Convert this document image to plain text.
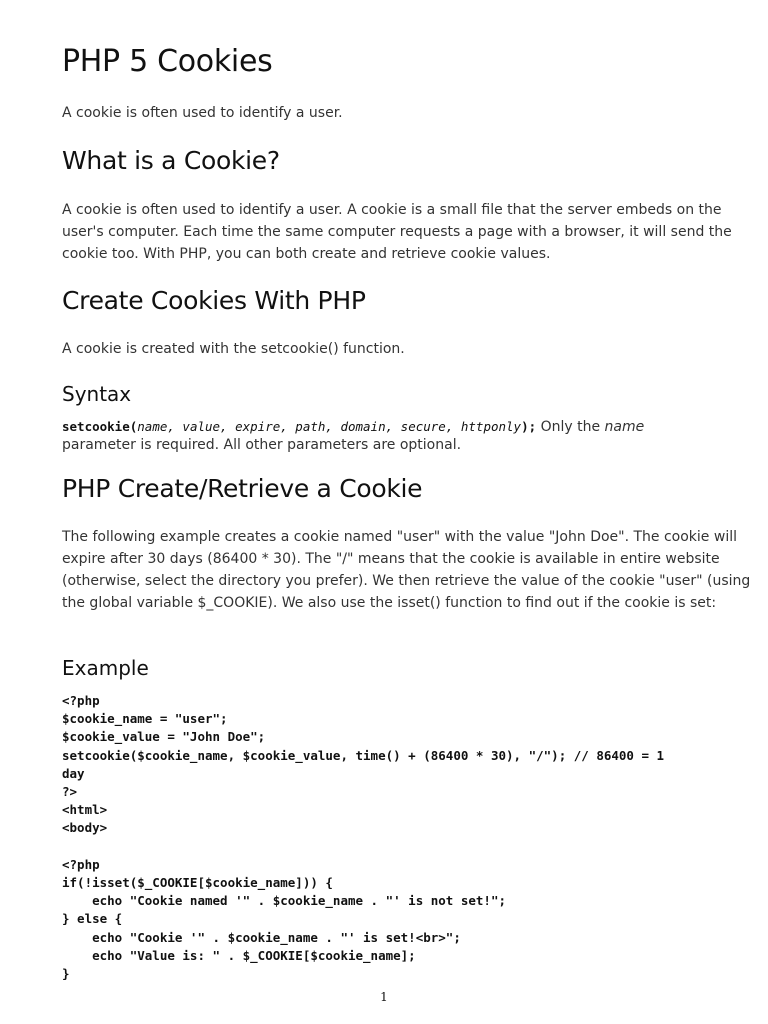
PHP 5 Cookies

A cookie is often used to identify a user.

What is a Cookie?

A cookie is often used to identify a user. A cookie is a small file that the server embeds on the user's computer. Each time the same computer requests a page with a browser, it will send the cookie too. With PHP, you can both create and retrieve cookie values.

Create Cookies With PHP

A cookie is created with the setcookie() function.

Syntax

setcookie(name, value, expire, path, domain, secure, httponly); Only the name parameter is required. All other parameters are optional.

PHP Create/Retrieve a Cookie

The following example creates a cookie named "user" with the value "John Doe". The cookie will expire after 30 days (86400 * 30). The "/" means that the cookie is available in entire website (otherwise, select the directory you prefer). We then retrieve the value of the cookie "user" (using the global variable $_COOKIE). We also use the isset() function to find out if the cookie is set:

Example
<?php
$cookie_name = "user";
$cookie_value = "John Doe";
setcookie($cookie_name, $cookie_value, time() + (86400 * 30), "/"); // 86400 = 1
day
?>
<html>
<body>

<?php
if(!isset($_COOKIE[$cookie_name])) {
echo "Cookie named '" . $cookie_name . "' is not set!";
} else {
echo "Cookie '" . $cookie_name . "' is set!<br>";
echo "Value is: " . $_COOKIE[$cookie_name];
}
1
